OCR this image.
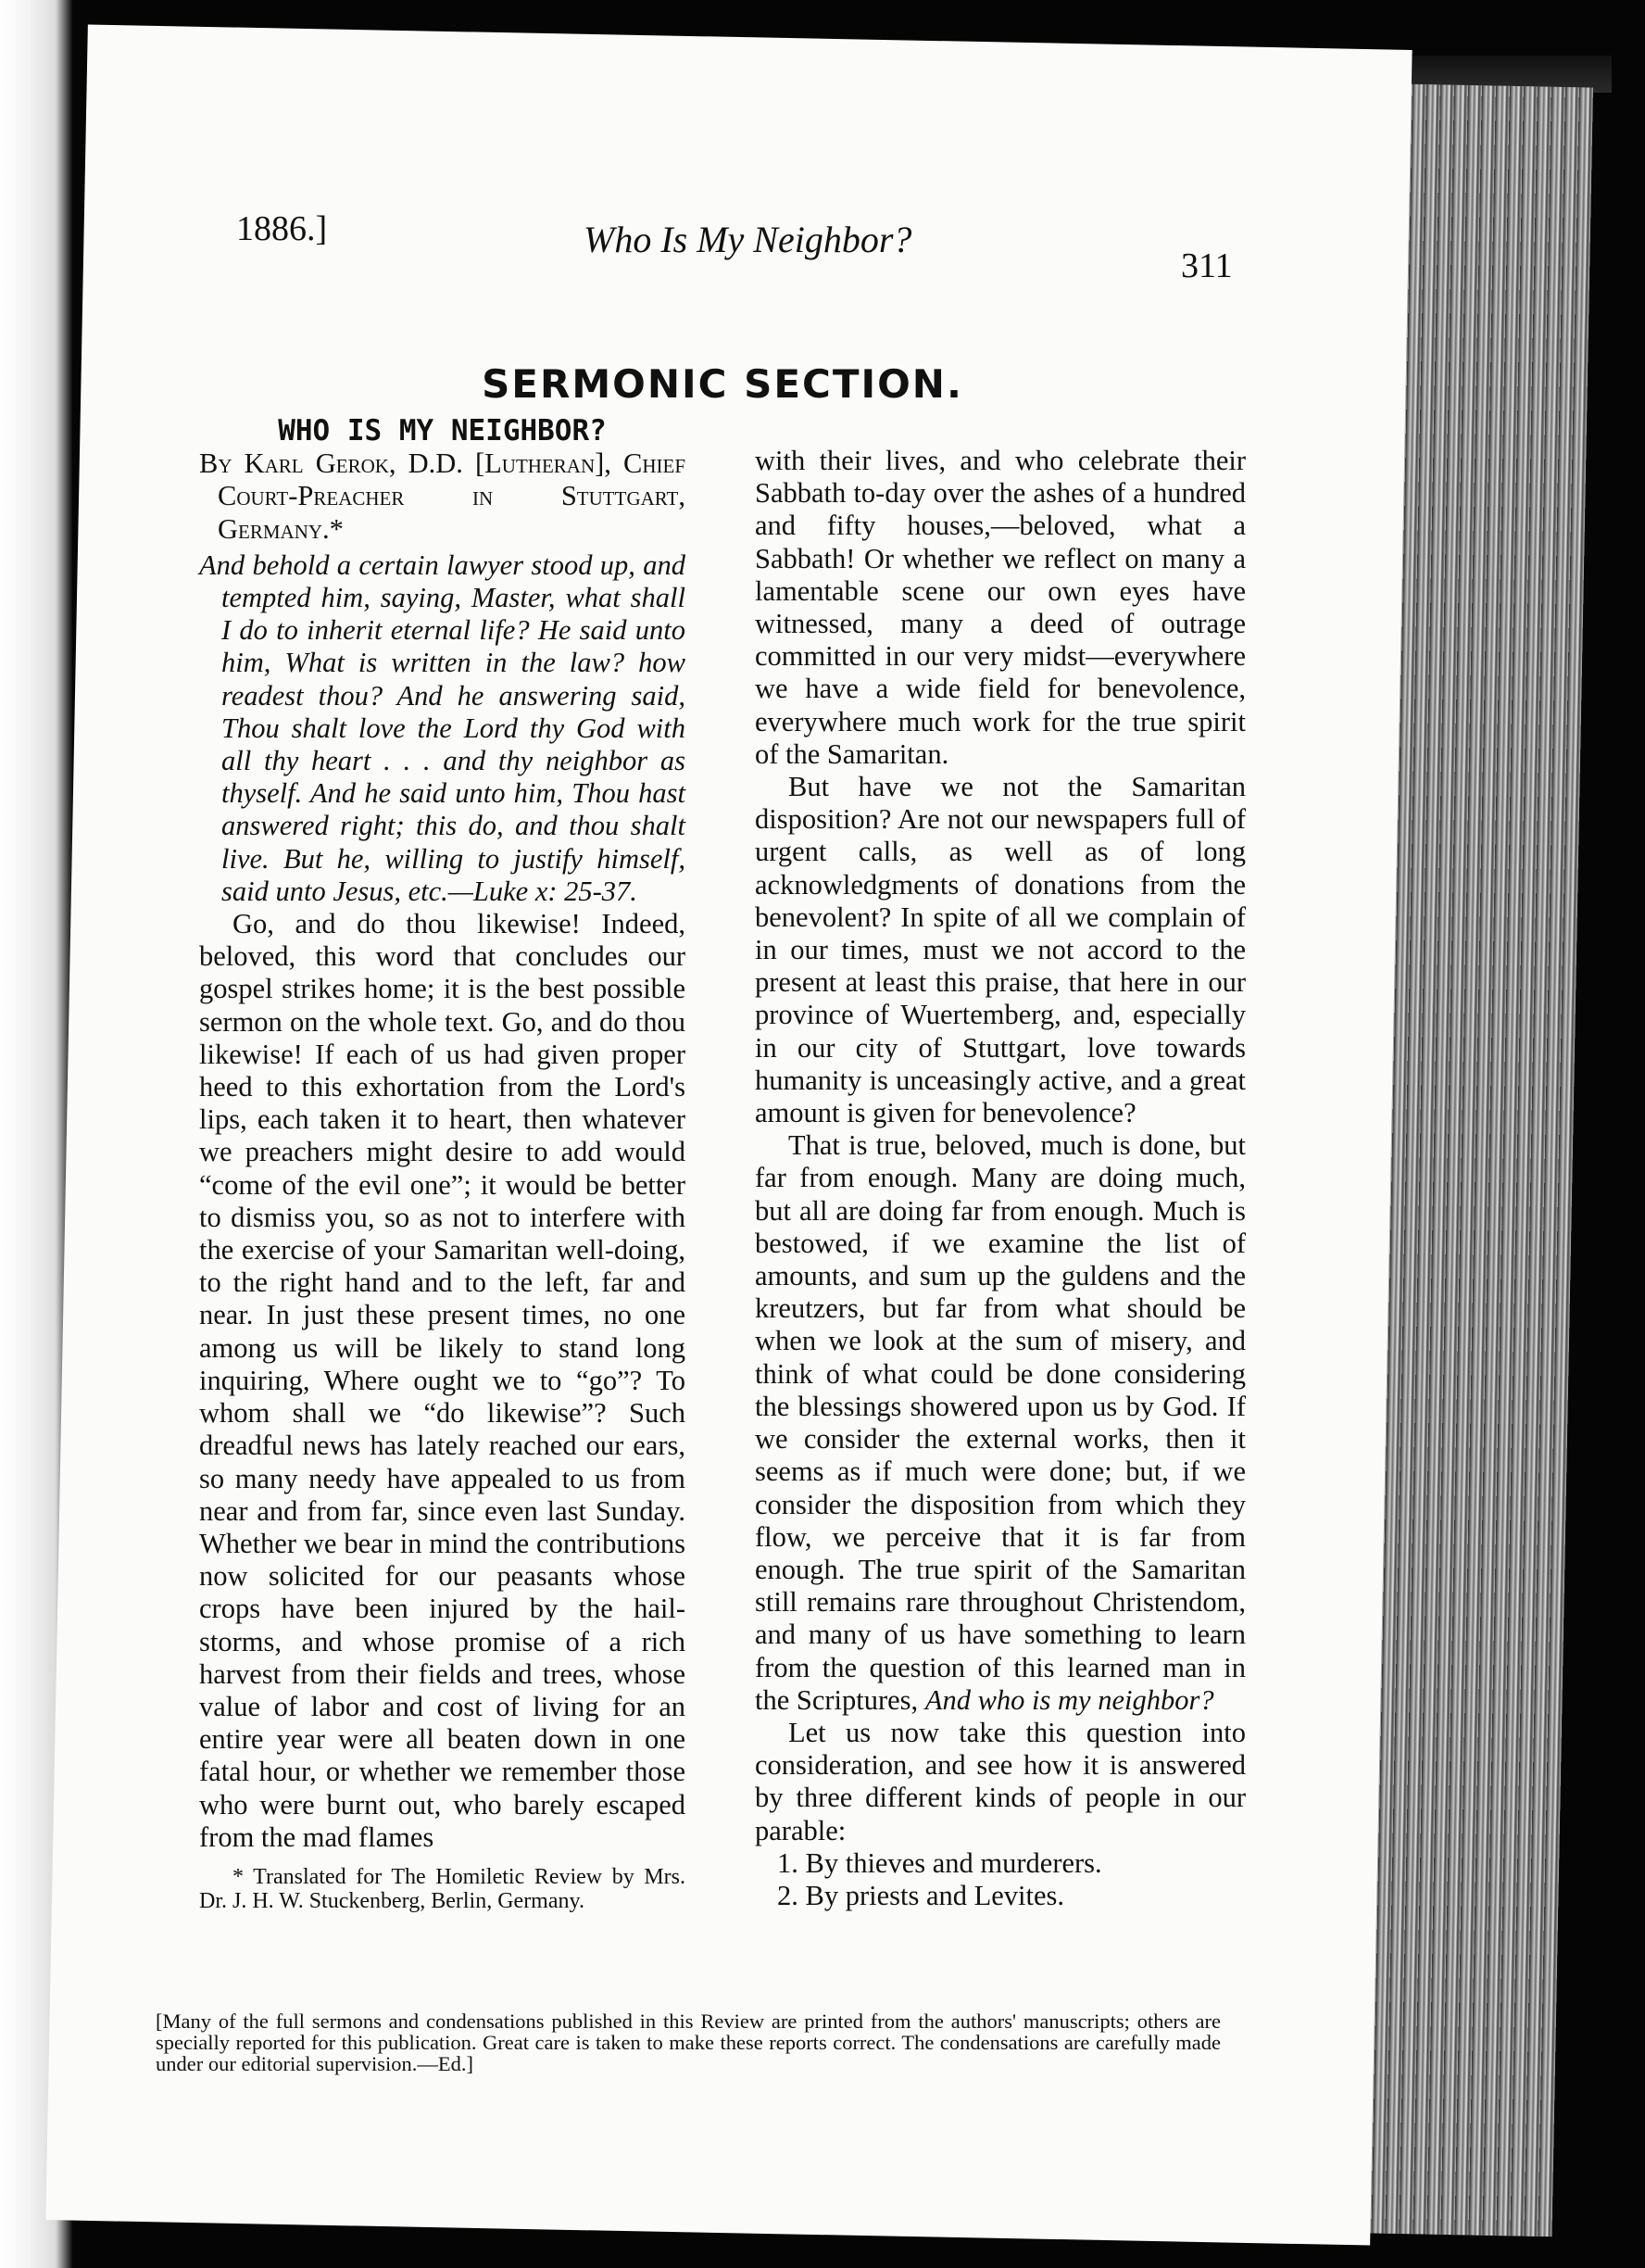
1886.]	Who Is My Neighbor?
311
SERMONIC SECTION.

WHO IS MY NEIGHBOR?

By Karl Gerok, D.D. [Lutheran], Chief Court-Preacher in Stuttgart, Germany.*

And behold a certain lawyer stood up, and tempted him, saying, Master, what shall I do to inherit eternal life? He said unto him, What is written in the law? how readest thou? And he answering said, Thou shalt love the Lord thy God with all thy heart . . . and thy neighbor as thyself. And he said unto him, Thou hast answered right; this do, and thou shalt live. But he, willing to justify himself, said unto Jesus, etc.—Luke x: 25-37.

Go, and do thou likewise! Indeed, beloved, this word that concludes our gospel strikes home; it is the best possible sermon on the whole text. Go, and do thou likewise! If each of us had given proper heed to this exhortation from the Lord's lips, each taken it to heart, then whatever we preachers might desire to add would “come of the evil one”; it would be better to dismiss you, so as not to interfere with the exercise of your Samaritan well-doing, to the right hand and to the left, far and near. In just these present times, no one among us will be likely to stand long inquiring, Where ought we to “go”? To whom shall we “do likewise”? Such dreadful news has lately reached our ears, so many needy have appealed to us from near and from far, since even last Sunday. Whether we bear in mind the contributions now solicited for our peasants whose crops have been injured by the hail-storms, and whose promise of a rich harvest from their fields and trees, whose value of labor and cost of living for an entire year were all beaten down in one fatal hour, or whether we remember those who were burnt out, who barely escaped from the mad flames

* Translated for The Homiletic Review by Mrs. Dr. J. H. W. Stuckenberg, Berlin, Germany.

with their lives, and who celebrate their Sabbath to-day over the ashes of a hundred and fifty houses,—beloved, what a Sabbath! Or whether we reflect on many a lamentable scene our own eyes have witnessed, many a deed of outrage committed in our very midst—everywhere we have a wide field for benevolence, everywhere much work for the true spirit of the Samaritan.

But have we not the Samaritan disposition? Are not our newspapers full of urgent calls, as well as of long acknowledgments of donations from the benevolent? In spite of all we complain of in our times, must we not accord to the present at least this praise, that here in our province of Wuertemberg, and, especially in our city of Stuttgart, love towards humanity is unceasingly active, and a great amount is given for benevolence?

That is true, beloved, much is done, but far from enough. Many are doing much, but all are doing far from enough. Much is bestowed, if we examine the list of amounts, and sum up the guldens and the kreutzers, but far from what should be when we look at the sum of misery, and think of what could be done considering the blessings showered upon us by God. If we consider the external works, then it seems as if much were done; but, if we consider the disposition from which they flow, we perceive that it is far from enough. The true spirit of the Samaritan still remains rare throughout Christendom, and many of us have something to learn from the question of this learned man in the Scriptures, And who is my neighbor?

Let us now take this question into consideration, and see how it is answered by three different kinds of people in our parable:

1. By thieves and murderers.

2. By priests and Levites.

[Many of the full sermons and condensations published in this Review are printed from the authors' manuscripts; others are specially reported for this publication. Great care is taken to make these reports correct. The condensations are carefully made under our editorial supervision.—Ed.]
